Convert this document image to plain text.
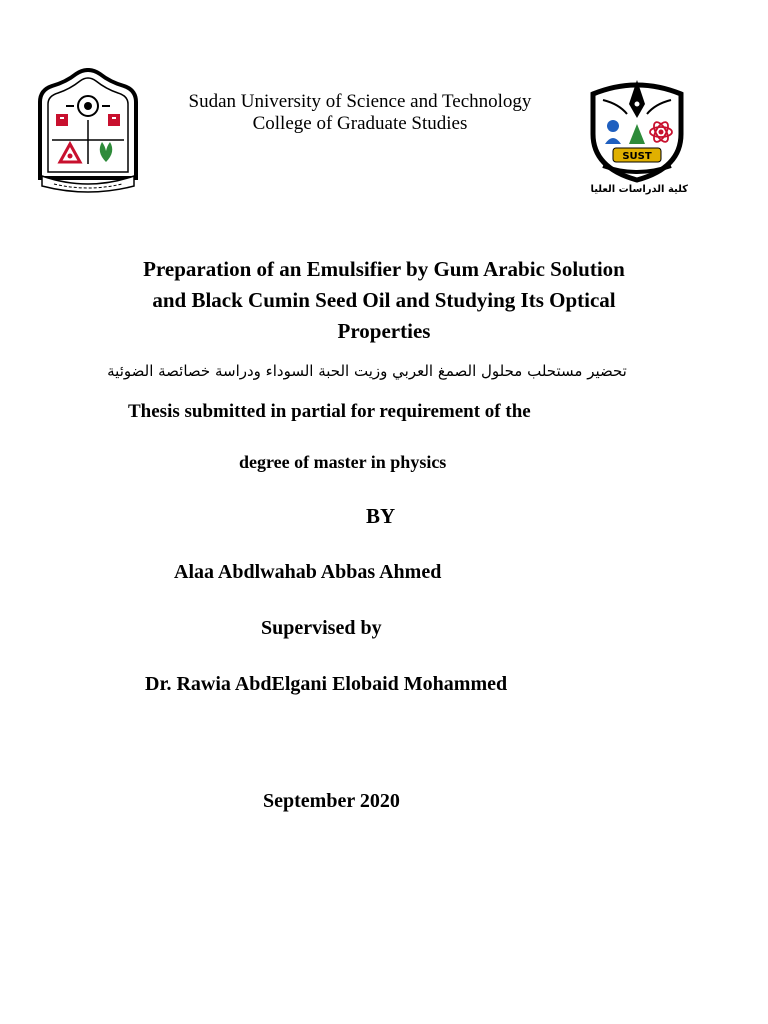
SUST

كلية الدراسات العليا

Sudan University of Science and Technology

College of Graduate Studies

Preparation of an Emulsifier by Gum Arabic Solution
and Black Cumin Seed Oil and Studying Its Optical
Properties

تحضير مستحلب محلول الصمغ العربي وزيت الحبة السوداء ودراسة خصائصة الضوئية

Thesis submitted in partial for requirement of the

degree of master in physics

BY

Alaa Abdlwahab Abbas Ahmed

Supervised by

Dr. Rawia AbdElgani Elobaid Mohammed

September 2020
